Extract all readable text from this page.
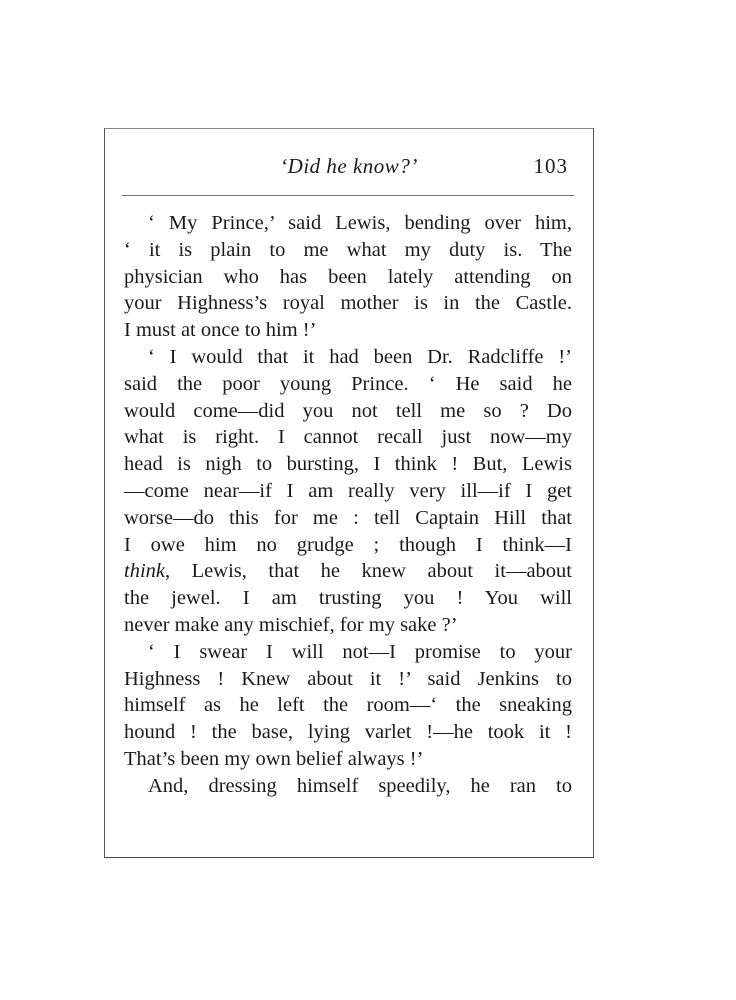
‘Did he know?’	103
‘ My Prince,’ said Lewis, bending over him,
‘ it is plain to me what my duty is. The
physician who has been lately attending on
your Highness’s royal mother is in the Castle.
I must at once to him !’
‘ I would that it had been Dr. Radcliffe !’
said the poor young Prince. ‘ He said he
would come—did you not tell me so ? Do
what is right. I cannot recall just now—my
head is nigh to bursting, I think ! But, Lewis
—come near—if I am really very ill—if I get
worse—do this for me : tell Captain Hill that
I owe him no grudge ; though I think—I
think, Lewis, that he knew about it—about
the jewel. I am trusting you ! You will
never make any mischief, for my sake ?’
‘ I swear I will not—I promise to your
Highness ! Knew about it !’ said Jenkins to
himself as he left the room—‘ the sneaking
hound ! the base, lying varlet !—he took it !
That’s been my own belief always !’
And, dressing himself speedily, he ran to
